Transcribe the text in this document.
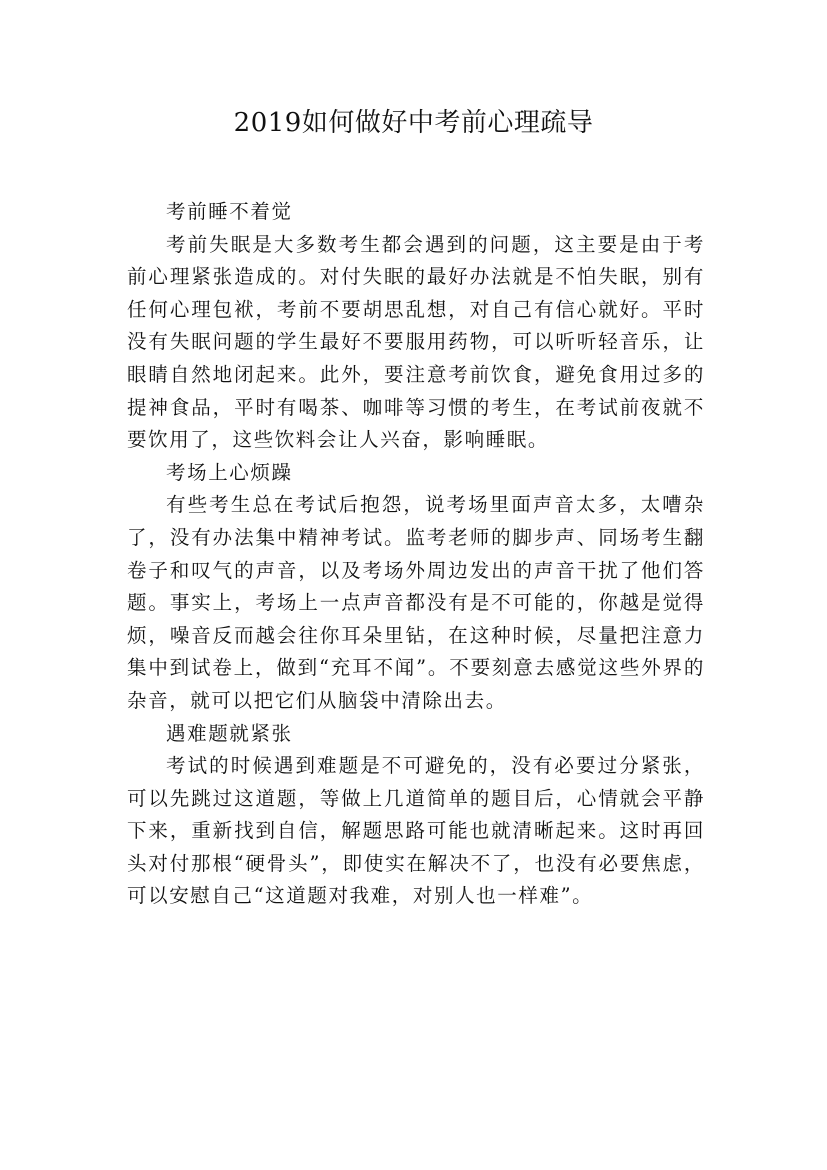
2019如何做好中考前心理疏导
考前睡不着觉

考前失眠是大多数考生都会遇到的问题，这主要是由于考前心理紧张造成的。对付失眠的最好办法就是不怕失眠，别有任何心理包袱，考前不要胡思乱想，对自己有信心就好。平时没有失眠问题的学生最好不要服用药物，可以听听轻音乐，让眼睛自然地闭起来。此外，要注意考前饮食，避免食用过多的提神食品，平时有喝茶、咖啡等习惯的考生，在考试前夜就不要饮用了，这些饮料会让人兴奋，影响睡眠。

考场上心烦躁

有些考生总在考试后抱怨，说考场里面声音太多，太嘈杂了，没有办法集中精神考试。监考老师的脚步声、同场考生翻卷子和叹气的声音，以及考场外周边发出的声音干扰了他们答题。事实上，考场上一点声音都没有是不可能的，你越是觉得烦，噪音反而越会往你耳朵里钻，在这种时候，尽量把注意力集中到试卷上，做到“充耳不闻”。不要刻意去感觉这些外界的杂音，就可以把它们从脑袋中清除出去。

遇难题就紧张

考试的时候遇到难题是不可避免的，没有必要过分紧张，可以先跳过这道题，等做上几道简单的题目后，心情就会平静下来，重新找到自信，解题思路可能也就清晰起来。这时再回头对付那根“硬骨头”，即使实在解决不了，也没有必要焦虑，可以安慰自己“这道题对我难，对别人也一样难”。
